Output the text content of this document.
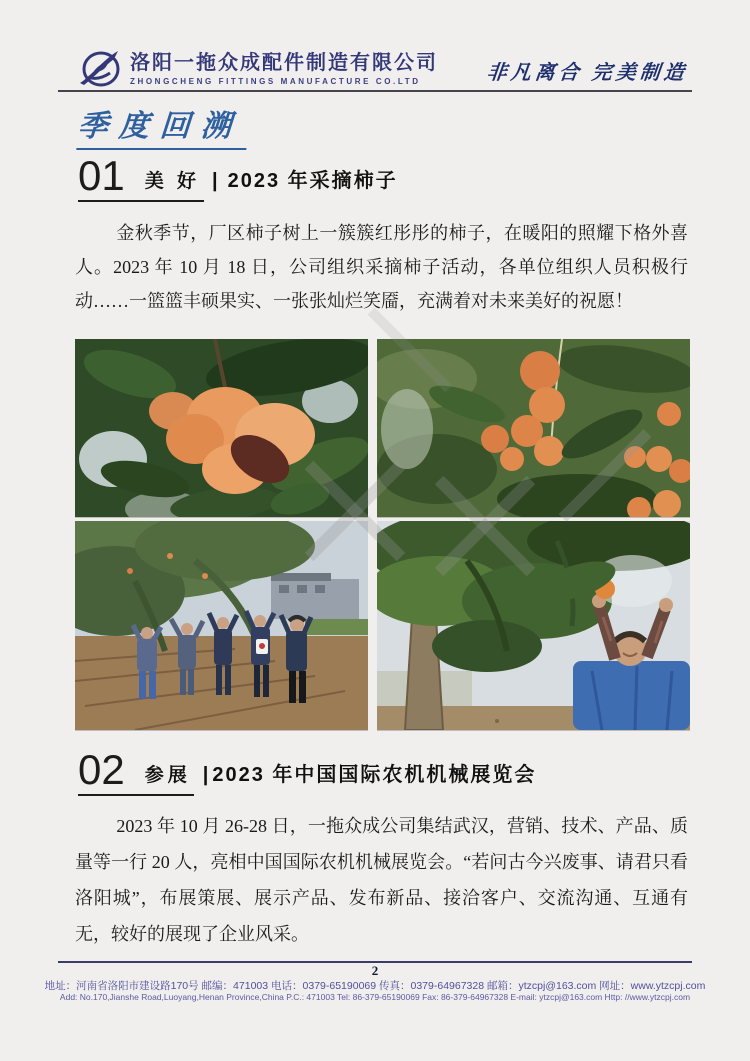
洛阳一拖众成配件制造有限公司
ZHONGCHENG FITTINGS MANUFACTURE CO.LTD	非凡离合 完美制造
季度回溯
01 美 好 | 2023 年采摘柿子
金秋季节，厂区柿子树上一簇簇红彤彤的柿子，在暖阳的照耀下格外喜人。2023 年 10 月 18 日，公司组织采摘柿子活动，各单位组织人员积极行动……一篮篮丰硕果实、一张张灿烂笑靥，充满着对未来美好的祝愿！
02 参展 | 2023 年中国国际农机机械展览会
2023 年 10 月 26-28 日，一拖众成公司集结武汉，营销、技术、产品、质量等一行 20 人，亮相中国国际农机机械展览会。“若问古今兴废事、请君只看洛阳城”，布展策展、展示产品、发布新品、接洽客户、交流沟通、互通有无，较好的展现了企业风采。
2
地址：河南省洛阳市建设路170号 邮编：471003 电话：0379-65190069 传真：0379-64967328 邮箱：ytzcpj@163.com 网址：www.ytzcpj.com
Add: No.170,Jianshe Road,Luoyang,Henan Province,China P.C.: 471003 Tel: 86-379-65190069 Fax: 86-379-64967328 E-mail: ytzcpj@163.com Http: //www.ytzcpj.com
